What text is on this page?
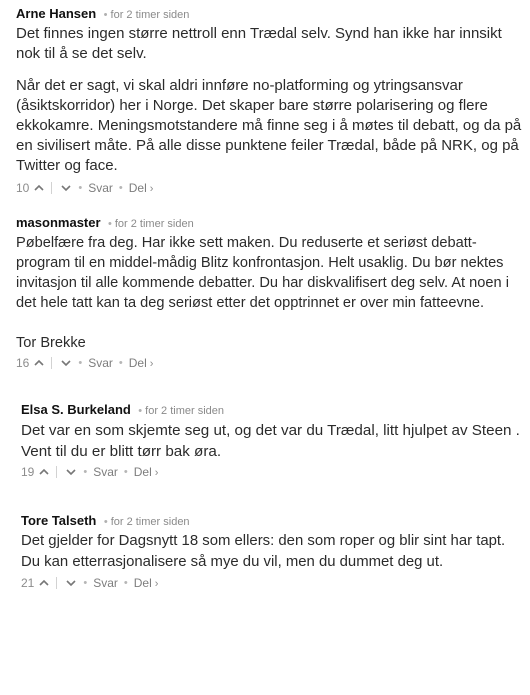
Arne Hansen • for 2 timer siden

Det finnes ingen større nettroll enn Trædal selv. Synd han ikke har innsikt nok til å se det selv.

Når det er sagt, vi skal aldri innføre no-platforming og ytringsansvar (åsiktskorridor) her i Norge. Det skaper bare større polarisering og flere ekkokamre. Meningsmotstandere må finne seg i å møtes til debatt, og da på en sivilisert måte. På alle disse punktene feiler Trædal, både på NRK, og på Twitter og face.

10	• Svar • Del ›
masonmaster • for 2 timer siden

Pøbelfære fra deg. Har ikke sett maken. Du reduserte et seriøst debatt-program til en middel-mådig Blitz konfrontasjon. Helt usaklig. Du bør nektes invitasjon til alle kommende debatter. Du har diskvalifisert deg selv. At noen i det hele tatt kan ta deg seriøst etter det opptrinnet er over min fatteevne.

Tor Brekke

16	• Svar • Del ›
Elsa S. Burkeland • for 2 timer siden

Det var en som skjemte seg ut, og det var du Trædal, litt hjulpet av Steen . Vent til du er blitt tørr bak øra.

19	• Svar • Del ›
Tore Talseth • for 2 timer siden

Det gjelder for Dagsnytt 18 som ellers: den som roper og blir sint har tapt. Du kan etterrasjonalisere så mye du vil, men du dummet deg ut.

21	• Svar • Del ›
